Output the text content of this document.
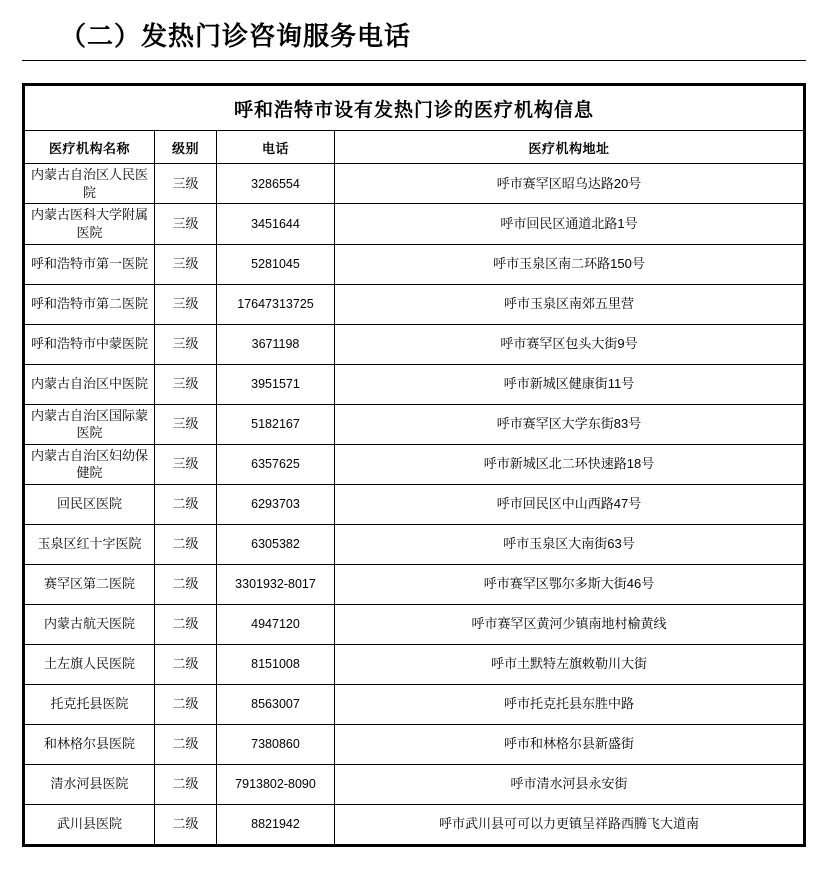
（二）发热门诊咨询服务电话
呼和浩特市设有发热门诊的医疗机构信息			
医疗机构名称	级别	电话	医疗机构地址
内蒙古自治区人民医院	三级	3286554	呼市赛罕区昭乌达路20号
内蒙古医科大学附属医院	三级	3451644	呼市回民区通道北路1号
呼和浩特市第一医院	三级	5281045	呼市玉泉区南二环路150号
呼和浩特市第二医院	三级	17647313725	呼市玉泉区南郊五里营
呼和浩特市中蒙医院	三级	3671198	呼市赛罕区包头大街9号
内蒙古自治区中医院	三级	3951571	呼市新城区健康街11号
内蒙古自治区国际蒙医院	三级	5182167	呼市赛罕区大学东街83号
内蒙古自治区妇幼保健院	三级	6357625	呼市新城区北二环快速路18号
回民区医院	二级	6293703	呼市回民区中山西路47号
玉泉区红十字医院	二级	6305382	呼市玉泉区大南街63号
赛罕区第二医院	二级	3301932-8017	呼市赛罕区鄂尔多斯大街46号
内蒙古航天医院	二级	4947120	呼市赛罕区黄河少镇南地村榆黄线
土左旗人民医院	二级	8151008	呼市土默特左旗敕勒川大街
托克托县医院	二级	8563007	呼市托克托县东胜中路
和林格尔县医院	二级	7380860	呼市和林格尔县新盛街
清水河县医院	二级	7913802-8090	呼市清水河县永安街
武川县医院	二级	8821942	呼市武川县可可以力更镇呈祥路西腾飞大道南
